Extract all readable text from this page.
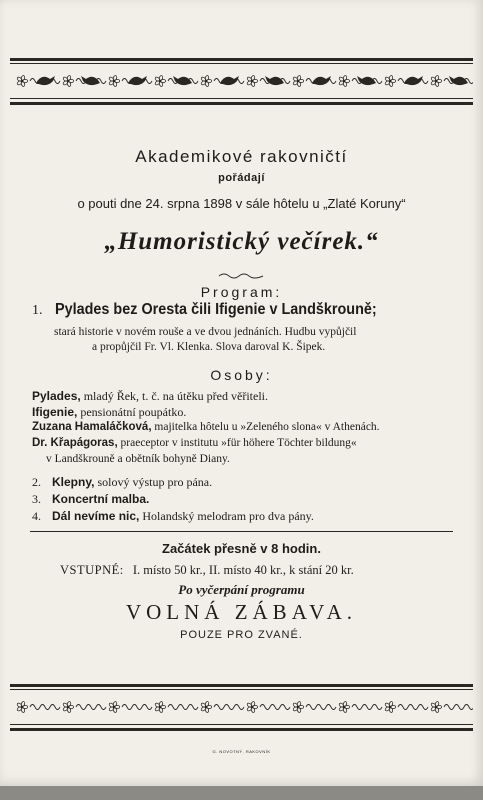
Akademikové rakovničtí
pořádají
o pouti dne 24. srpna 1898 v sále hôtelu u „Zlaté Koruny“
„Humoristický večírek.“
Program:
1. Pylades bez Oresta čili Ifigenie v Landškrouně;
stará historie v novém rouše a ve dvou jednáních. Hudbu vypůjčil
a propůjčil Fr. Vl. Klenka. Slova daroval K. Šipek.
Osoby:
Pylades, mladý Řek, t. č. na útěku před věřiteli.
Ifigenie, pensionátní poupátko.
Zuzana Hamaláčková, majitelka hôtelu u »Zeleného slona« v Athenách.
Dr. Křapágoras, praeceptor v institutu »für höhere Töchter bildung«
v Landškrouně a obětník bohyně Diany.
2. Klepny, solový výstup pro pána.
3. Koncertní malba.
4. Dál nevíme nic, Holandský melodram pro dva pány.
Začátek přesně v 8 hodin.
VSTUPNÉ: I. místo 50 kr., II. místo 40 kr., k stání 20 kr.
Po vyčerpání programu
VOLNÁ ZÁBAVA.
POUZE PRO ZVANÉ.
G. NOVOTNÝ, RAKOVNÍK
